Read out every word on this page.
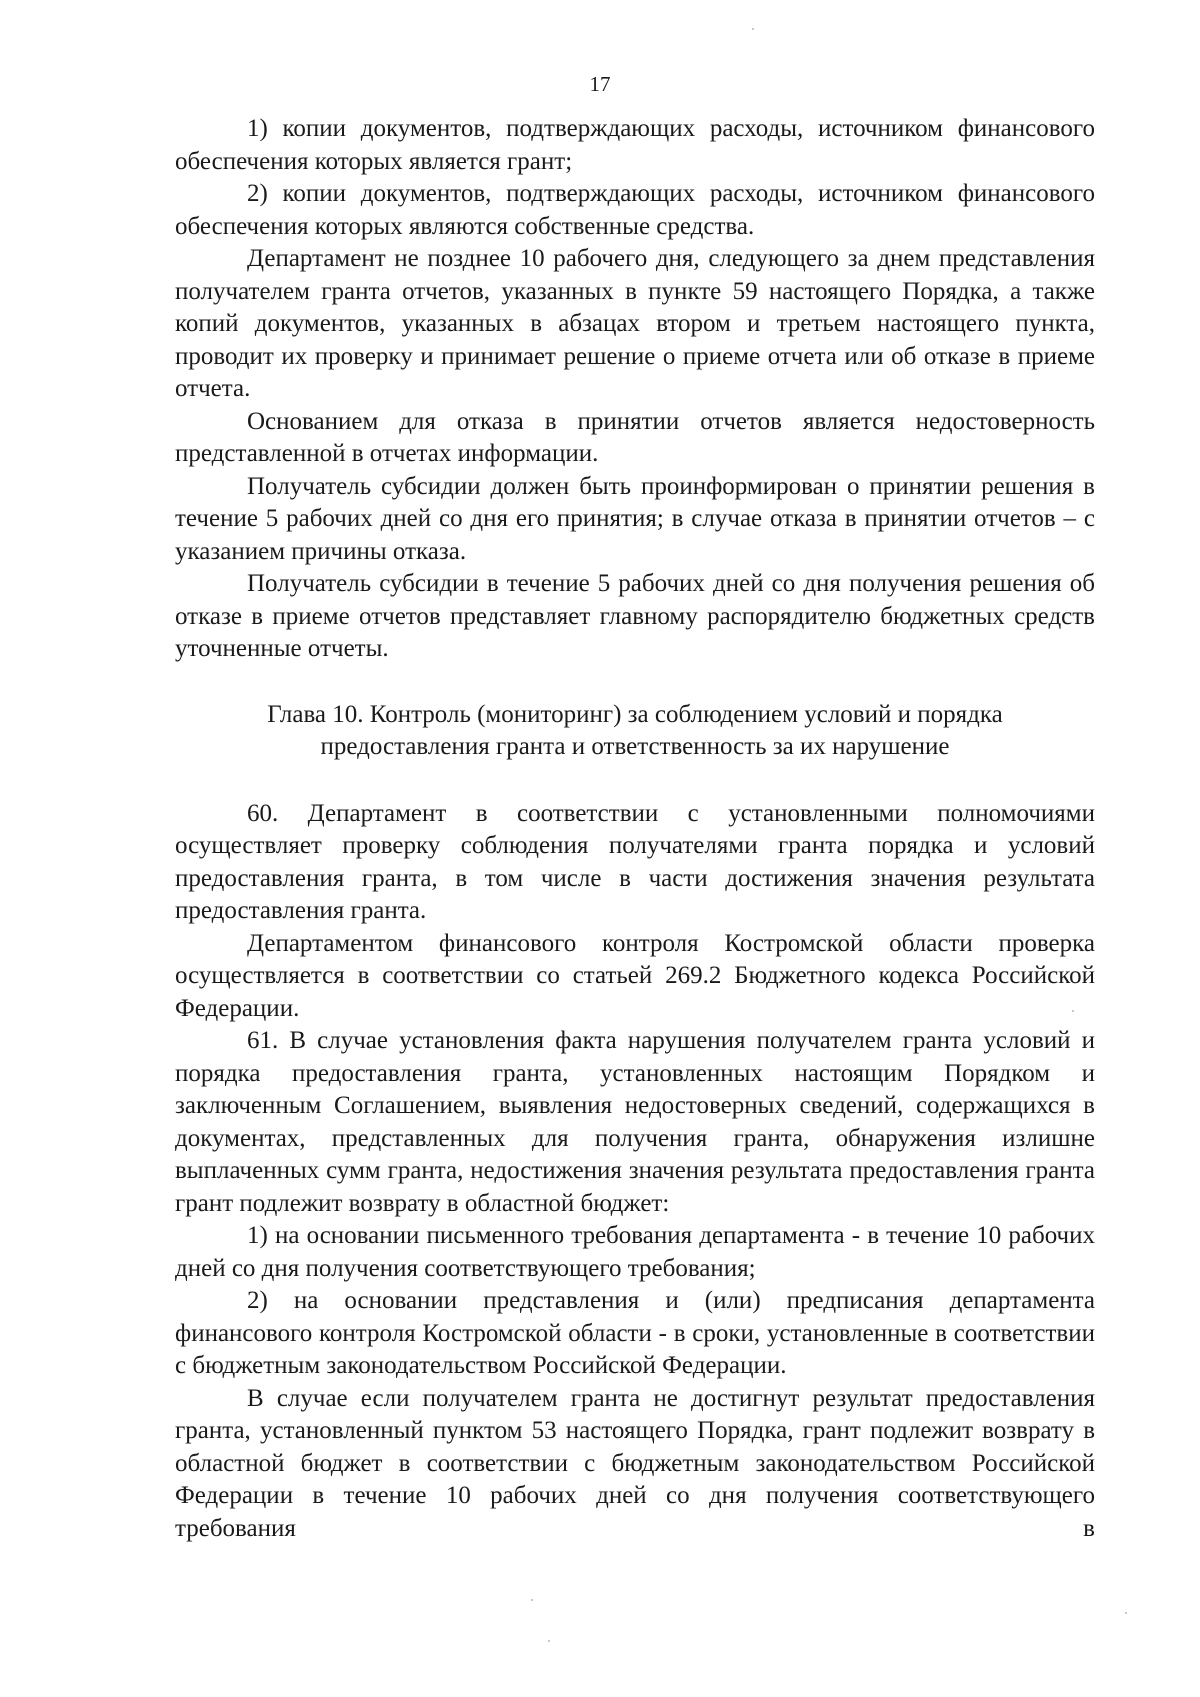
17

1) копии документов, подтверждающих расходы, источником финансового обеспечения которых является грант;

2) копии документов, подтверждающих расходы, источником финансового обеспечения которых являются собственные средства.

Департамент не позднее 10 рабочего дня, следующего за днем представления получателем гранта отчетов, указанных в пункте 59 настоящего Порядка, а также копий документов, указанных в абзацах втором и третьем настоящего пункта, проводит их проверку и принимает решение о приеме отчета или об отказе в приеме отчета.

Основанием для отказа в принятии отчетов является недостоверность представленной в отчетах информации.

Получатель субсидии должен быть проинформирован о принятии решения в течение 5 рабочих дней со дня его принятия; в случае отказа в принятии отчетов – с указанием причины отказа.

Получатель субсидии в течение 5 рабочих дней со дня получения решения об отказе в приеме отчетов представляет главному распорядителю бюджетных средств уточненные отчеты.

Глава 10. Контроль (мониторинг) за соблюдением условий и порядка
предоставления гранта и ответственность за их нарушение

60. Департамент в соответствии с установленными полномочиями осуществляет проверку соблюдения получателями гранта порядка и условий предоставления гранта, в том числе в части достижения значения результата предоставления гранта.

Департаментом финансового контроля Костромской области проверка осуществляется в соответствии со статьей 269.2 Бюджетного кодекса Российской Федерации.

61. В случае установления факта нарушения получателем гранта условий и порядка предоставления гранта, установленных настоящим Порядком и заключенным Соглашением, выявления недостоверных сведений, содержащихся в документах, представленных для получения гранта, обнаружения излишне выплаченных сумм гранта, недостижения значения результата предоставления гранта грант подлежит возврату в областной бюджет:

1) на основании письменного требования департамента - в течение 10 рабочих дней со дня получения соответствующего требования;

2) на основании представления и (или) предписания департамента финансового контроля Костромской области - в сроки, установленные в соответствии с бюджетным законодательством Российской Федерации.

В случае если получателем гранта не достигнут результат предоставления гранта, установленный пунктом 53 настоящего Порядка, грант подлежит возврату в областной бюджет в соответствии с бюджетным законодательством Российской Федерации в течение 10 рабочих дней со дня получения соответствующего требования в
